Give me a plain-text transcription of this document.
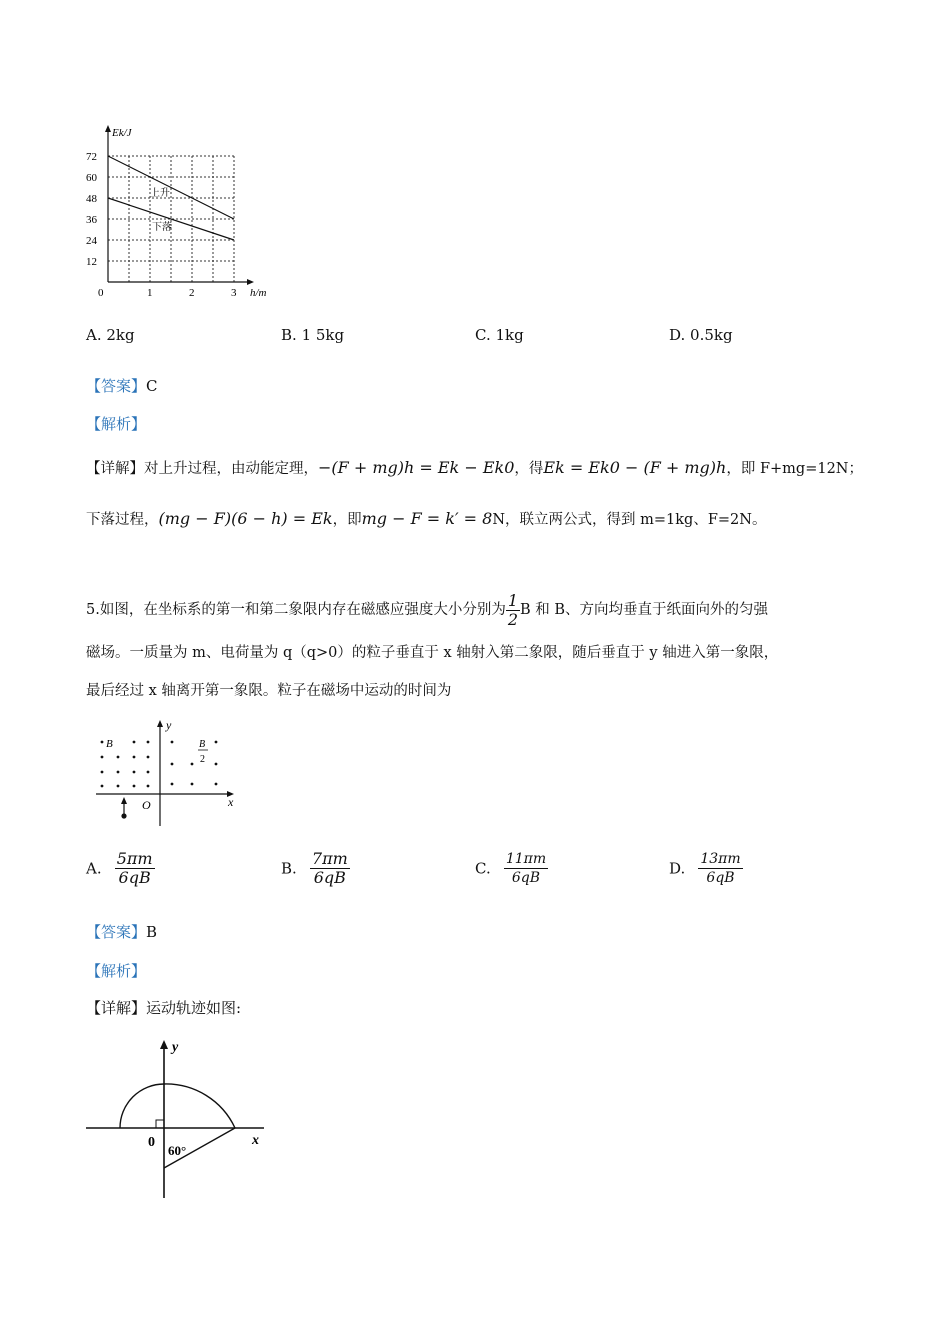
Ek/J
h/m
0
72
60
48
36
24
12
1	2	3
上升
下落
A. 2kg	B. 1 5kg	C. 1kg	D. 0.5kg
【答案】C
【解析】
【详解】对上升过程，由动能定理，−(F + mg)h = Ek − Ek0，得Ek = Ek0 − (F + mg)h，即 F+mg=12N；
下落过程，(mg − F)(6 − h) = Ek，即mg − F = k′ = 8N，联立两公式，得到 m=1kg、F=2N。
5.如图，在坐标系的第一和第二象限内存在磁感应强度大小分别为 $\frac{1}{2}$ B 和 B、方向均垂直于纸面向外的匀强
磁场。一质量为 m、电荷量为 q（q>0）的粒子垂直于 x 轴射入第二象限，随后垂直于 y 轴进入第一象限，
最后经过 x 轴离开第一象限。粒子在磁场中运动的时间为
B	B
2
O	x
y
A. $\frac{5\pi m}{6qB}$	B. $\frac{7\pi m}{6qB}$	C. $\frac{11\pi m}{6qB}$	D. $\frac{13\pi m}{6qB}$
【答案】B
【解析】
【详解】运动轨迹如图:
y
x
0
60°
